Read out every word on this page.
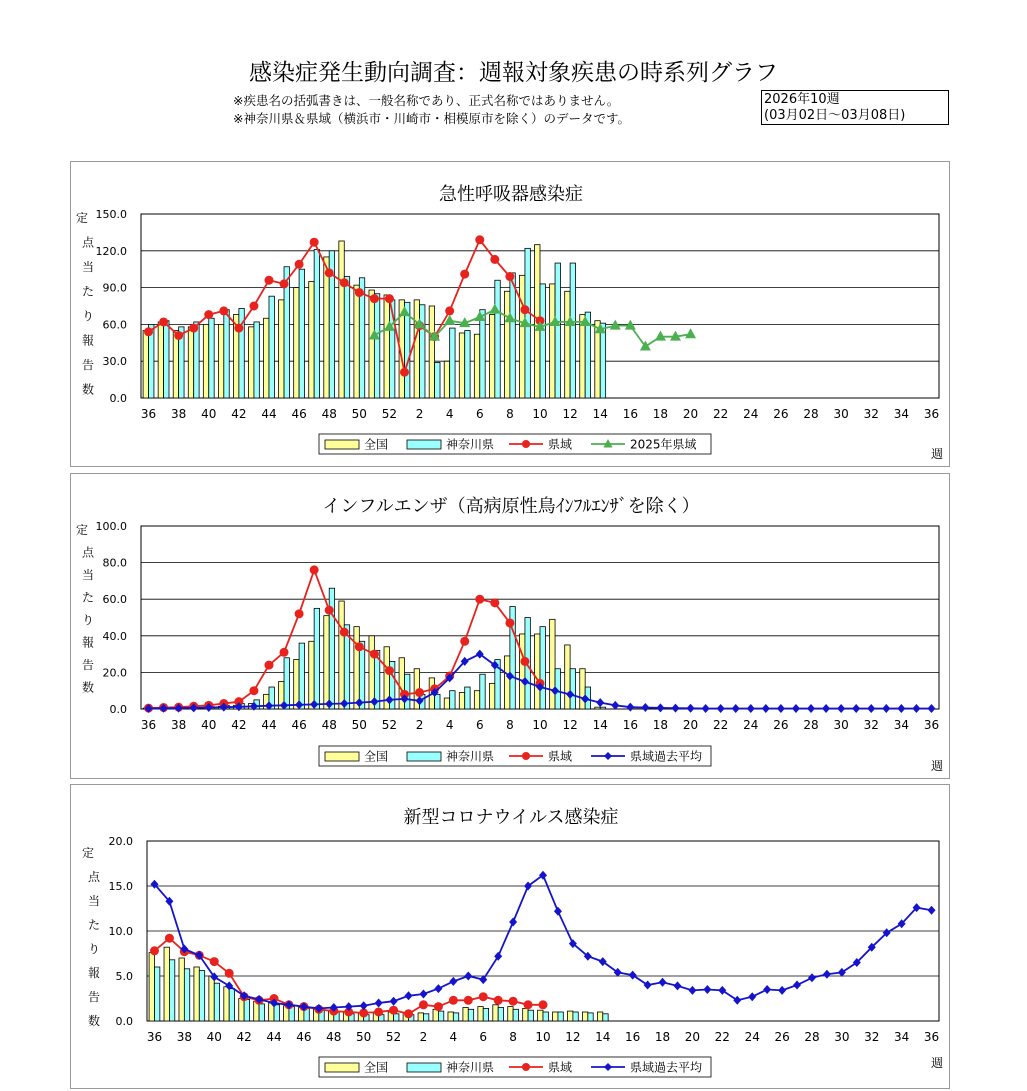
感染症発生動向調査：週報対象疾患の時系列グラフ
※疾患名の括弧書きは、一般名称であり、正式名称ではありません。
※神奈川県＆県域（横浜市・川崎市・相模原市を除く）のデータです。
2026年10週
(03月02日～03月08日)
急性呼吸器感染症
0.0
30.0
60.0
90.0
120.0
150.0
定
点
当
た
り
報
告
数
36 38 40 42 44 46 48 50 52 2 4 6 8 10 12 14 16 18 20 22 24 26 28 30 32 34 36
全国	神奈川県	県域	2025年県域
週
インフルエンザ（高病原性鳥ｲﾝﾌﾙｴﾝｻﾞを除く）
0.0
20.0
40.0
60.0
80.0
100.0
定
点
当
た
り
報
告
数
36 38 40 42 44 46 48 50 52 2 4 6 8 10 12 14 16 18 20 22 24 26 28 30 32 34 36
全国	神奈川県	県域	県域過去平均
週
新型コロナウイルス感染症
0.0
5.0
10.0
15.0
20.0
定
点
当
た
り
報
告
数
36 38 40 42 44 46 48 50 52 2 4 6 8 10 12 14 16 18 20 22 24 26 28 30 32 34 36
全国	神奈川県	県域	県域過去平均	週
